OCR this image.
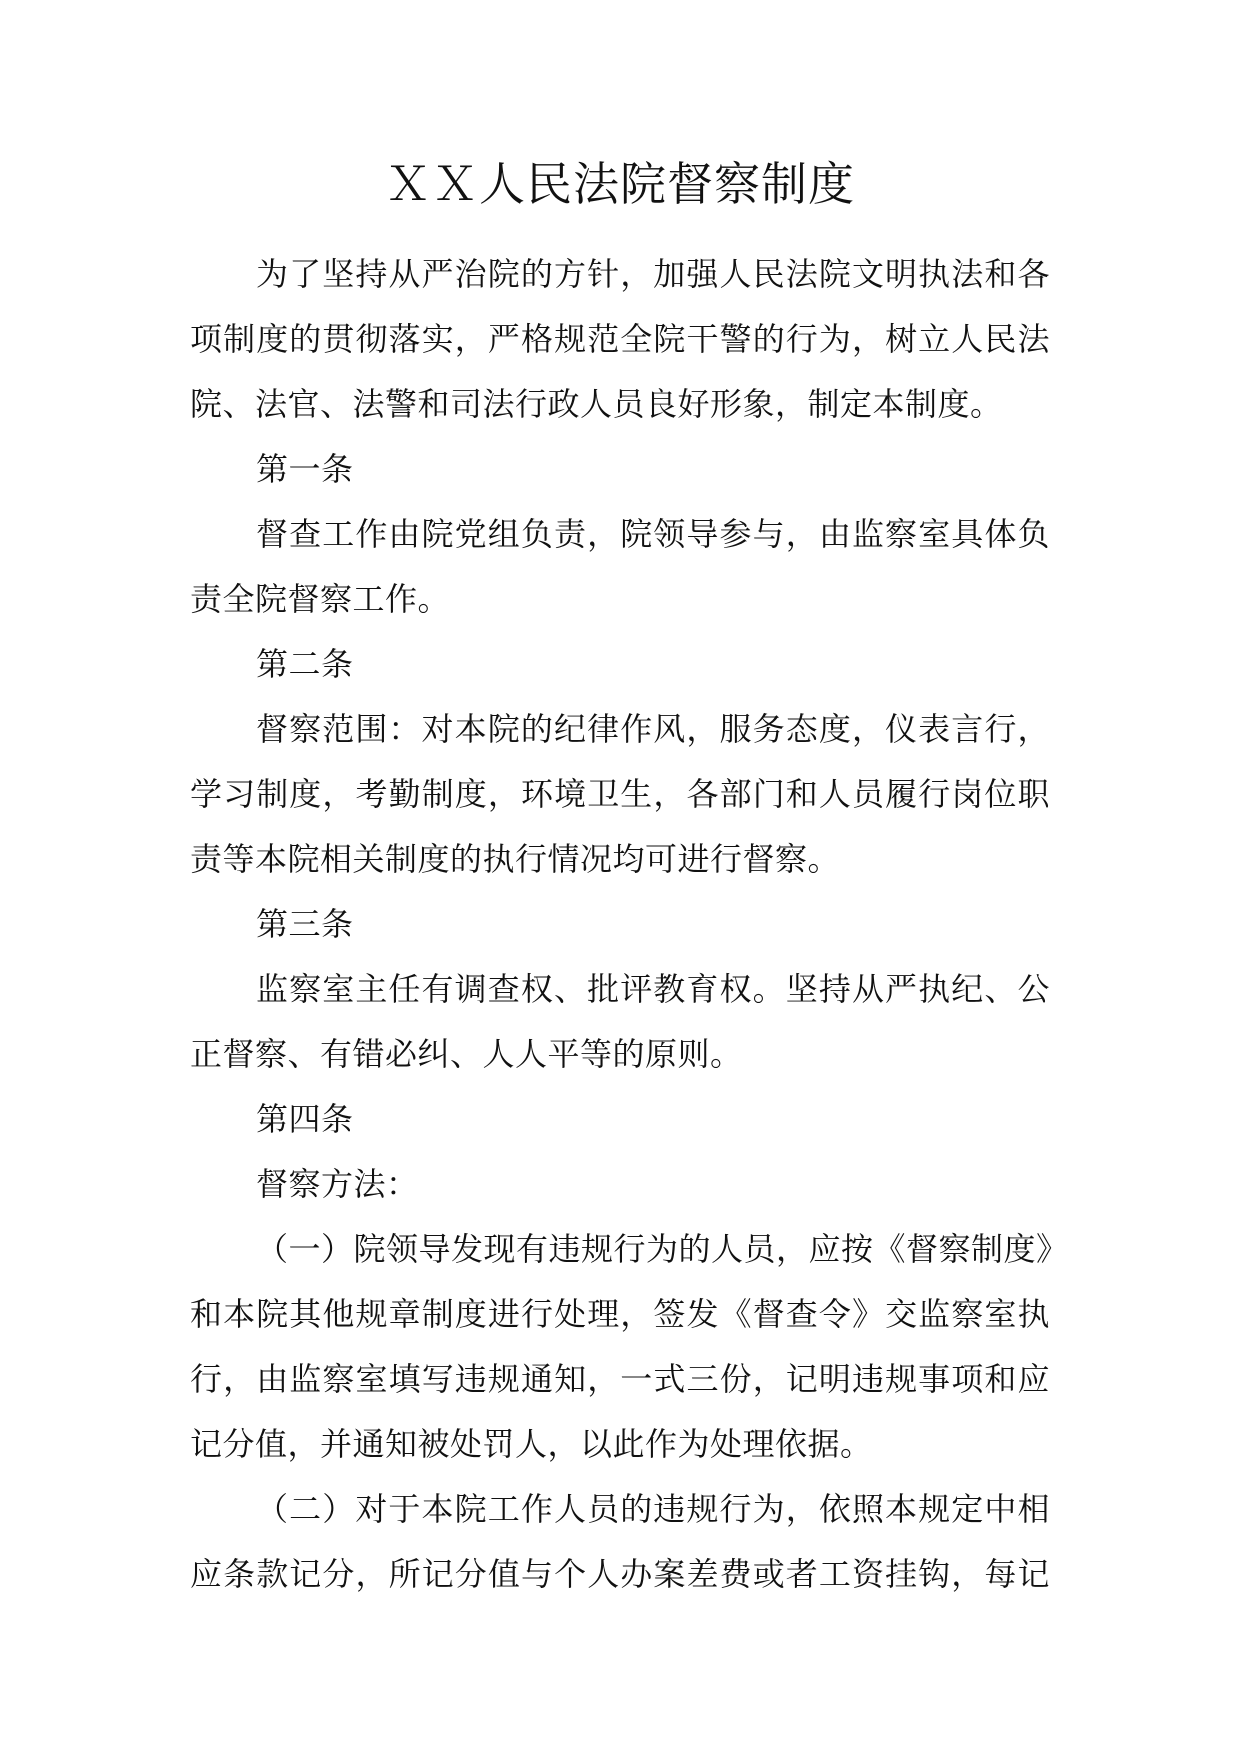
ＸＸ人民法院督察制度
为了坚持从严治院的方针，加强人民法院文明执法和各
项制度的贯彻落实，严格规范全院干警的行为，树立人民法
院、法官、法警和司法行政人员良好形象，制定本制度。
第一条
督查工作由院党组负责，院领导参与，由监察室具体负
责全院督察工作。
第二条
督察范围：对本院的纪律作风，服务态度，仪表言行，
学习制度，考勤制度，环境卫生，各部门和人员履行岗位职
责等本院相关制度的执行情况均可进行督察。
第三条
监察室主任有调查权、批评教育权。坚持从严执纪、公
正督察、有错必纠、人人平等的原则。
第四条
督察方法：
（一）院领导发现有违规行为的人员，应按《督察制度》
和本院其他规章制度进行处理，签发《督查令》交监察室执
行，由监察室填写违规通知，一式三份，记明违规事项和应
记分值，并通知被处罚人，以此作为处理依据。
（二）对于本院工作人员的违规行为，依照本规定中相
应条款记分，所记分值与个人办案差费或者工资挂钩，每记
